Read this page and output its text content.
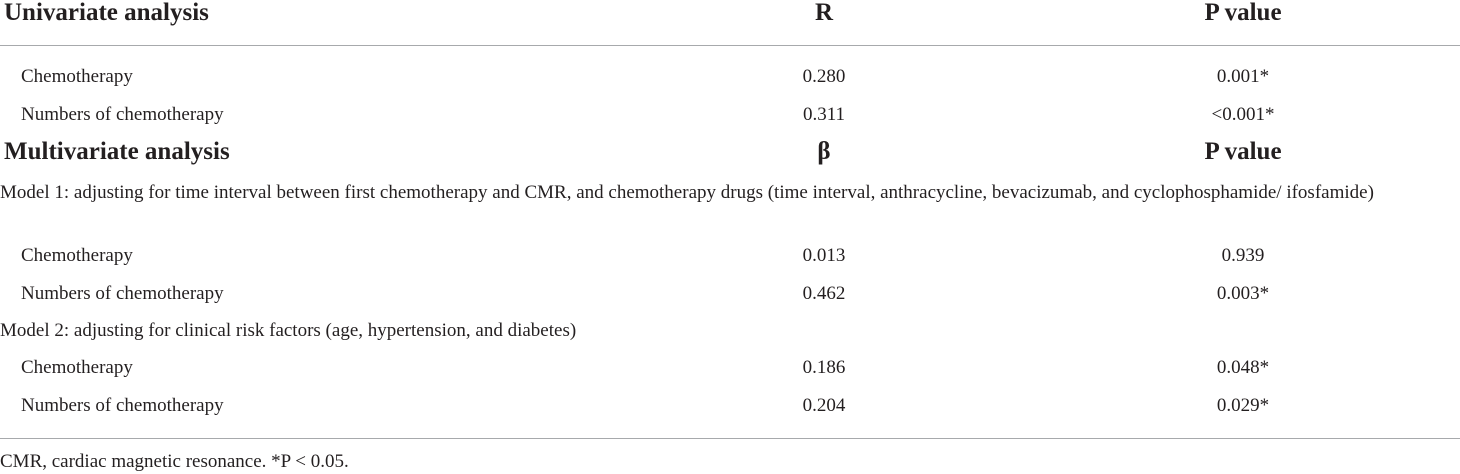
Univariate analysis	R	P value
Chemotherapy	0.280	0.001*
Numbers of chemotherapy	0.311	<0.001*
Multivariate analysis	β	P value
Model 1: adjusting for time interval between first chemotherapy and CMR, and chemotherapy drugs (time interval, anthracycline, bevacizumab, and cyclophosphamide/ ifosfamide)
Chemotherapy	0.013	0.939
Numbers of chemotherapy	0.462	0.003*
Model 2: adjusting for clinical risk factors (age, hypertension, and diabetes)
Chemotherapy	0.186	0.048*
Numbers of chemotherapy	0.204	0.029*
CMR, cardiac magnetic resonance. *P < 0.05.
